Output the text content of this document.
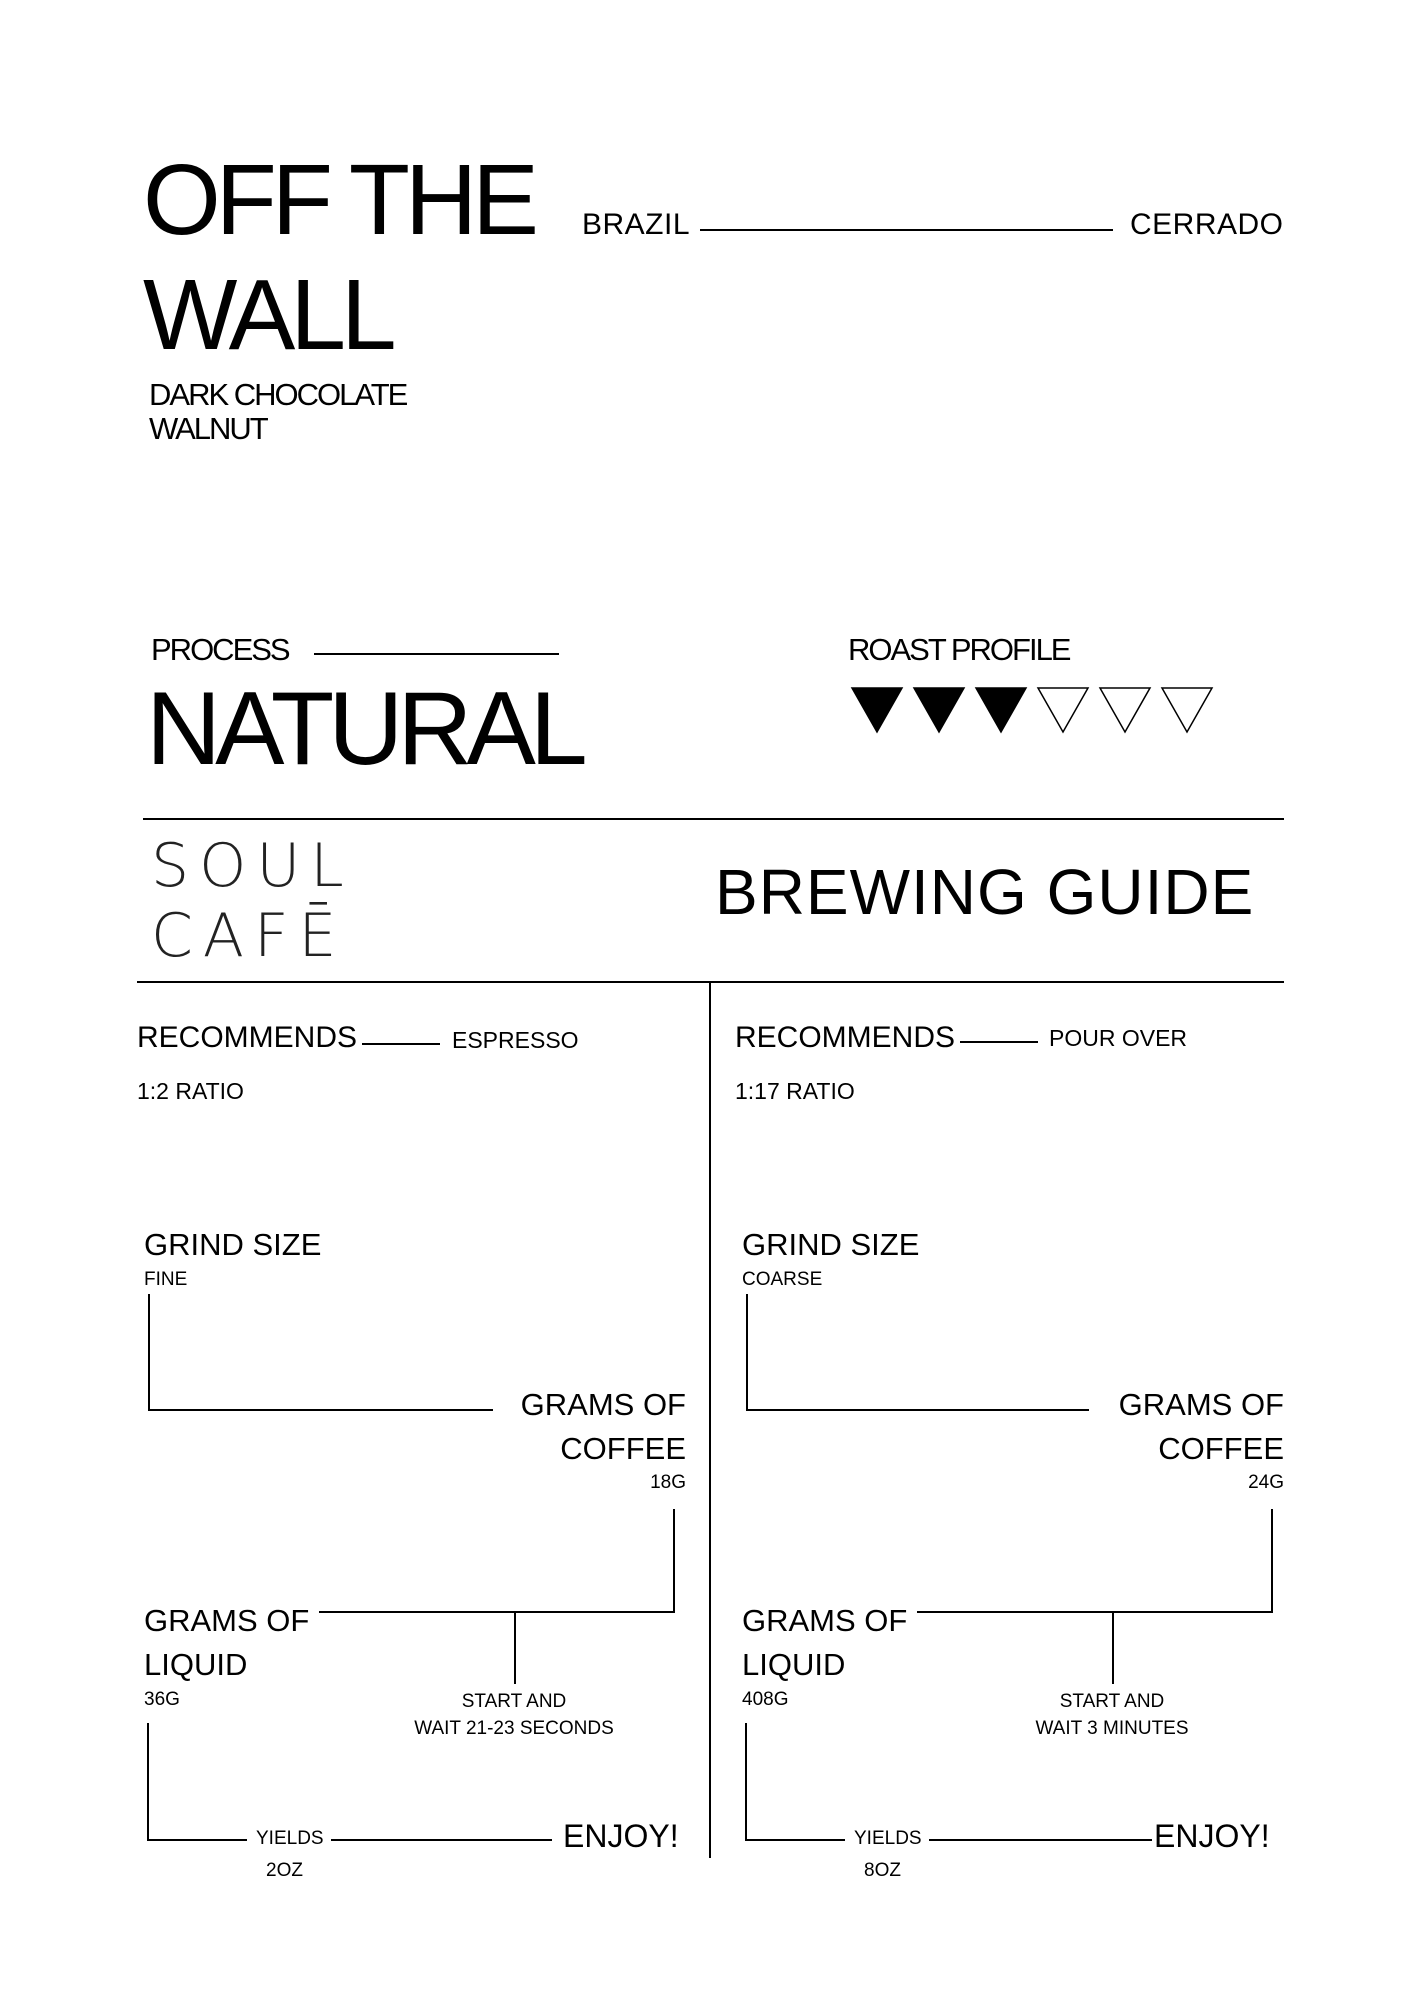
OFF THE
WALL
DARK CHOCOLATE
WALNUT
BRAZIL	CERRADO
PROCESS
NATURAL
ROAST PROFILE
SOUL
CAFĒ
BREWING GUIDE
RECOMMENDS	ESPRESSO
1:2 RATIO
GRIND SIZE
FINE
GRAMS OF
COFFEE
18G
GRAMS OF
LIQUID
36G	START AND
WAIT 21-23 SECONDS
YIELDS
2OZ
ENJOY!
RECOMMENDS	POUR OVER
1:17 RATIO
GRIND SIZE
COARSE
GRAMS OF
COFFEE
24G
GRAMS OF
LIQUID
408G	START AND
WAIT 3 MINUTES
YIELDS
8OZ
ENJOY!
